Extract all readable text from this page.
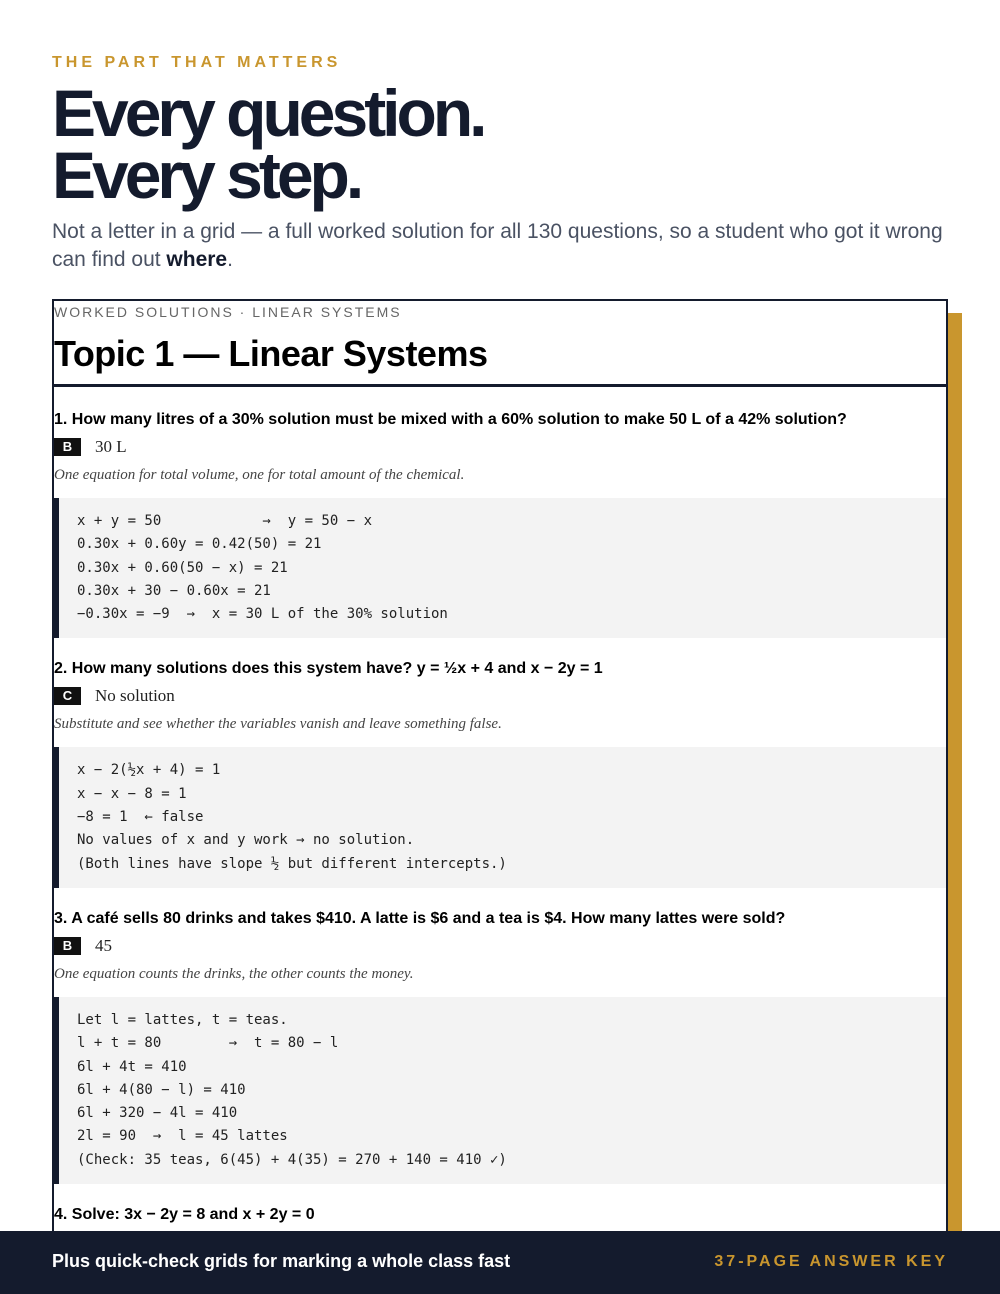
THE PART THAT MATTERS
Every question.
Every step.
Not a letter in a grid — a full worked solution for all 130 questions, so a student who got it wrong can find out where.
WORKED SOLUTIONS · LINEAR SYSTEMS
Topic 1 — Linear Systems
1. How many litres of a 30% solution must be mixed with a 60% solution to make 50 L of a 42% solution?
B	30 L
One equation for total volume, one for total amount of the chemical.
x + y = 50            →  y = 50 − x
0.30x + 0.60y = 0.42(50) = 21
0.30x + 0.60(50 − x) = 21
0.30x + 30 − 0.60x = 21
−0.30x = −9  →  x = 30 L of the 30% solution
2. How many solutions does this system have? y = ½x + 4 and x − 2y = 1
C	No solution
Substitute and see whether the variables vanish and leave something false.
x − 2(½x + 4) = 1
x − x − 8 = 1
−8 = 1  ← false
No values of x and y work → no solution.
(Both lines have slope ½ but different intercepts.)
3. A café sells 80 drinks and takes $410. A latte is $6 and a tea is $4. How many lattes were sold?
B	45
One equation counts the drinks, the other counts the money.
Let l = lattes, t = teas.
l + t = 80        →  t = 80 − l
6l + 4t = 410
6l + 4(80 − l) = 410
6l + 320 − 4l = 410
2l = 90  →  l = 45 lattes
(Check: 35 teas, 6(45) + 4(35) = 270 + 140 = 410 ✓)
4. Solve: 3x − 2y = 8 and x + 2y = 0
Plus quick-check grids for marking a whole class fast	37-PAGE ANSWER KEY
